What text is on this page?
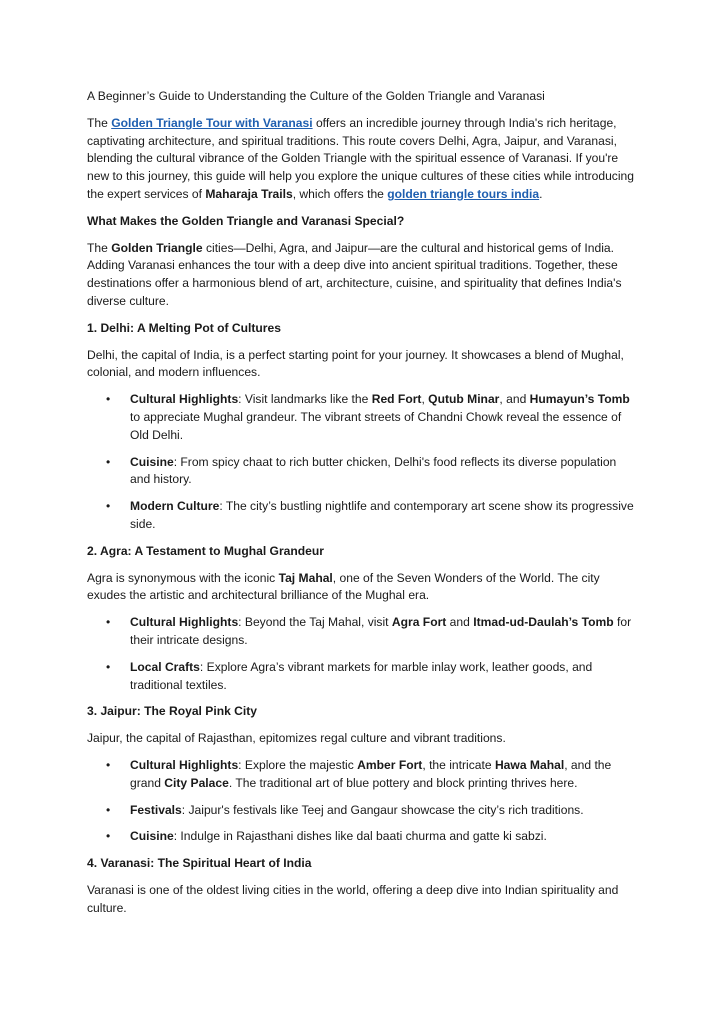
A Beginner’s Guide to Understanding the Culture of the Golden Triangle and Varanasi

The Golden Triangle Tour with Varanasi offers an incredible journey through India's rich heritage, captivating architecture, and spiritual traditions. This route covers Delhi, Agra, Jaipur, and Varanasi, blending the cultural vibrance of the Golden Triangle with the spiritual essence of Varanasi. If you're new to this journey, this guide will help you explore the unique cultures of these cities while introducing the expert services of Maharaja Trails, which offers the golden triangle tours india.

What Makes the Golden Triangle and Varanasi Special?

The Golden Triangle cities—Delhi, Agra, and Jaipur—are the cultural and historical gems of India. Adding Varanasi enhances the tour with a deep dive into ancient spiritual traditions. Together, these destinations offer a harmonious blend of art, architecture, cuisine, and spirituality that defines India's diverse culture.

1. Delhi: A Melting Pot of Cultures

Delhi, the capital of India, is a perfect starting point for your journey. It showcases a blend of Mughal, colonial, and modern influences.

• Cultural Highlights: Visit landmarks like the Red Fort, Qutub Minar, and Humayun’s Tomb to appreciate Mughal grandeur. The vibrant streets of Chandni Chowk reveal the essence of Old Delhi.
• Cuisine: From spicy chaat to rich butter chicken, Delhi's food reflects its diverse population and history.
• Modern Culture: The city’s bustling nightlife and contemporary art scene show its progressive side.

2. Agra: A Testament to Mughal Grandeur

Agra is synonymous with the iconic Taj Mahal, one of the Seven Wonders of the World. The city exudes the artistic and architectural brilliance of the Mughal era.

• Cultural Highlights: Beyond the Taj Mahal, visit Agra Fort and Itmad-ud-Daulah’s Tomb for their intricate designs.
• Local Crafts: Explore Agra’s vibrant markets for marble inlay work, leather goods, and traditional textiles.

3. Jaipur: The Royal Pink City

Jaipur, the capital of Rajasthan, epitomizes regal culture and vibrant traditions.

• Cultural Highlights: Explore the majestic Amber Fort, the intricate Hawa Mahal, and the grand City Palace. The traditional art of blue pottery and block printing thrives here.
• Festivals: Jaipur's festivals like Teej and Gangaur showcase the city’s rich traditions.
• Cuisine: Indulge in Rajasthani dishes like dal baati churma and gatte ki sabzi.

4. Varanasi: The Spiritual Heart of India

Varanasi is one of the oldest living cities in the world, offering a deep dive into Indian spirituality and culture.
